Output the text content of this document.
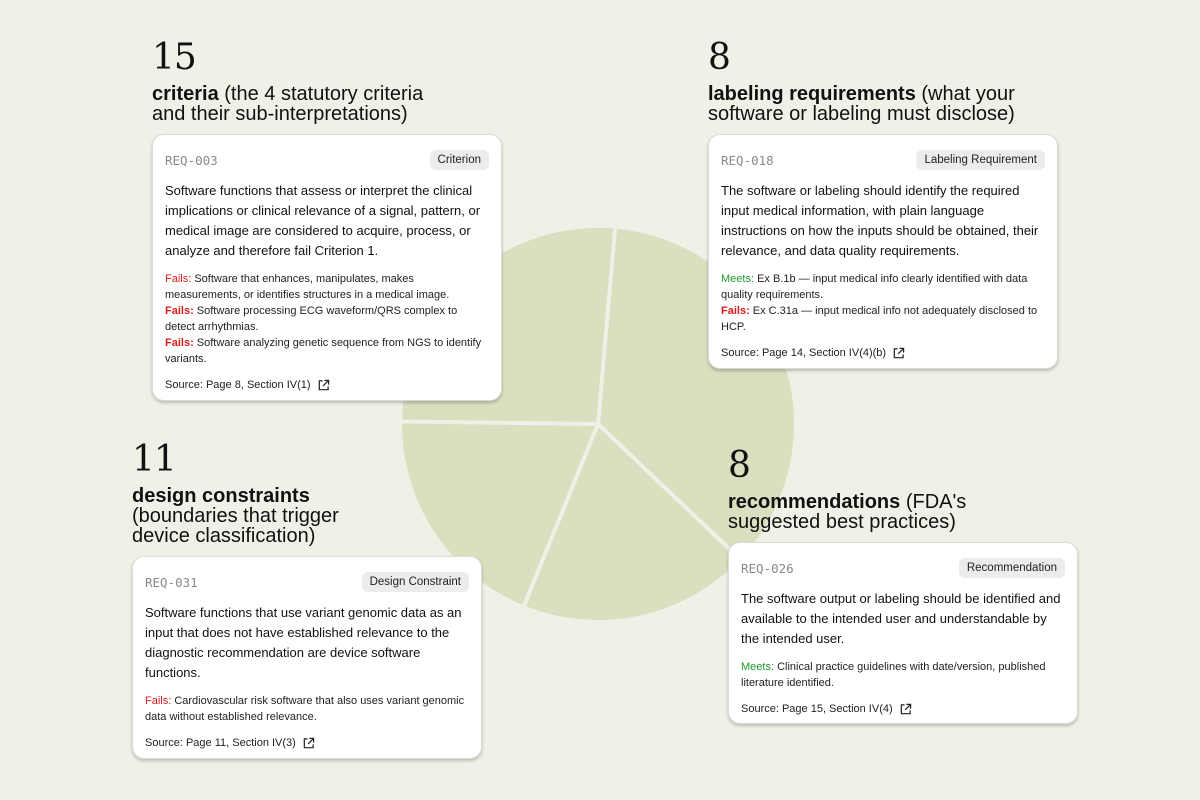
15
criteria (the 4 statutory criteria
and their sub-interpretations)
REQ-003	Criterion
Software functions that assess or interpret the clinical implications or clinical relevance of a signal, pattern, or medical image are considered to acquire, process, or analyze and therefore fail Criterion 1.
Fails: Software that enhances, manipulates, makes measurements, or identifies structures in a medical image.
Fails: Software processing ECG waveform/QRS complex to detect arrhythmias.
Fails: Software analyzing genetic sequence from NGS to identify variants.
Source: Page 8, Section IV(1)
8
labeling requirements (what your
software or labeling must disclose)
REQ-018	Labeling Requirement
The software or labeling should identify the required input medical information, with plain language instructions on how the inputs should be obtained, their relevance, and data quality requirements.
Meets: Ex B.1b — input medical info clearly identified with data quality requirements.
Fails: Ex C.31a — input medical info not adequately disclosed to HCP.
Source: Page 14, Section IV(4)(b)
11
design constraints
(boundaries that trigger
device classification)
REQ-031	Design Constraint
Software functions that use variant genomic data as an input that does not have established relevance to the diagnostic recommendation are device software functions.
Fails: Cardiovascular risk software that also uses variant genomic data without established relevance.
Source: Page 11, Section IV(3)
8
recommendations (FDA's
suggested best practices)
REQ-026	Recommendation
The software output or labeling should be identified and available to the intended user and understandable by the intended user.
Meets: Clinical practice guidelines with date/version, published literature identified.
Source: Page 15, Section IV(4)
